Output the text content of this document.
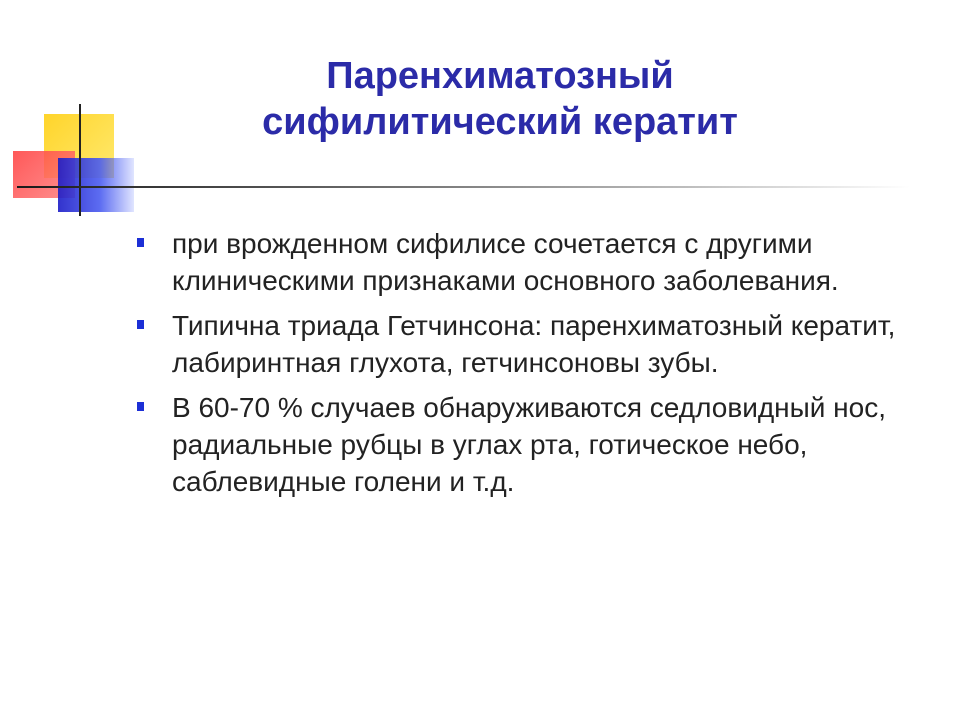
Паренхиматозный
сифилитический кератит
при врожденном сифилисе сочетается с другими клиническими признаками основного заболевания.
Типична триада Гетчинсона: паренхиматозный кератит, лабиринтная глухота, гетчинсоновы зубы.
В 60-70 % случаев обнаруживаются седловидный нос, радиальные рубцы в углах рта, готическое небо, саблевидные голени и т.д.
